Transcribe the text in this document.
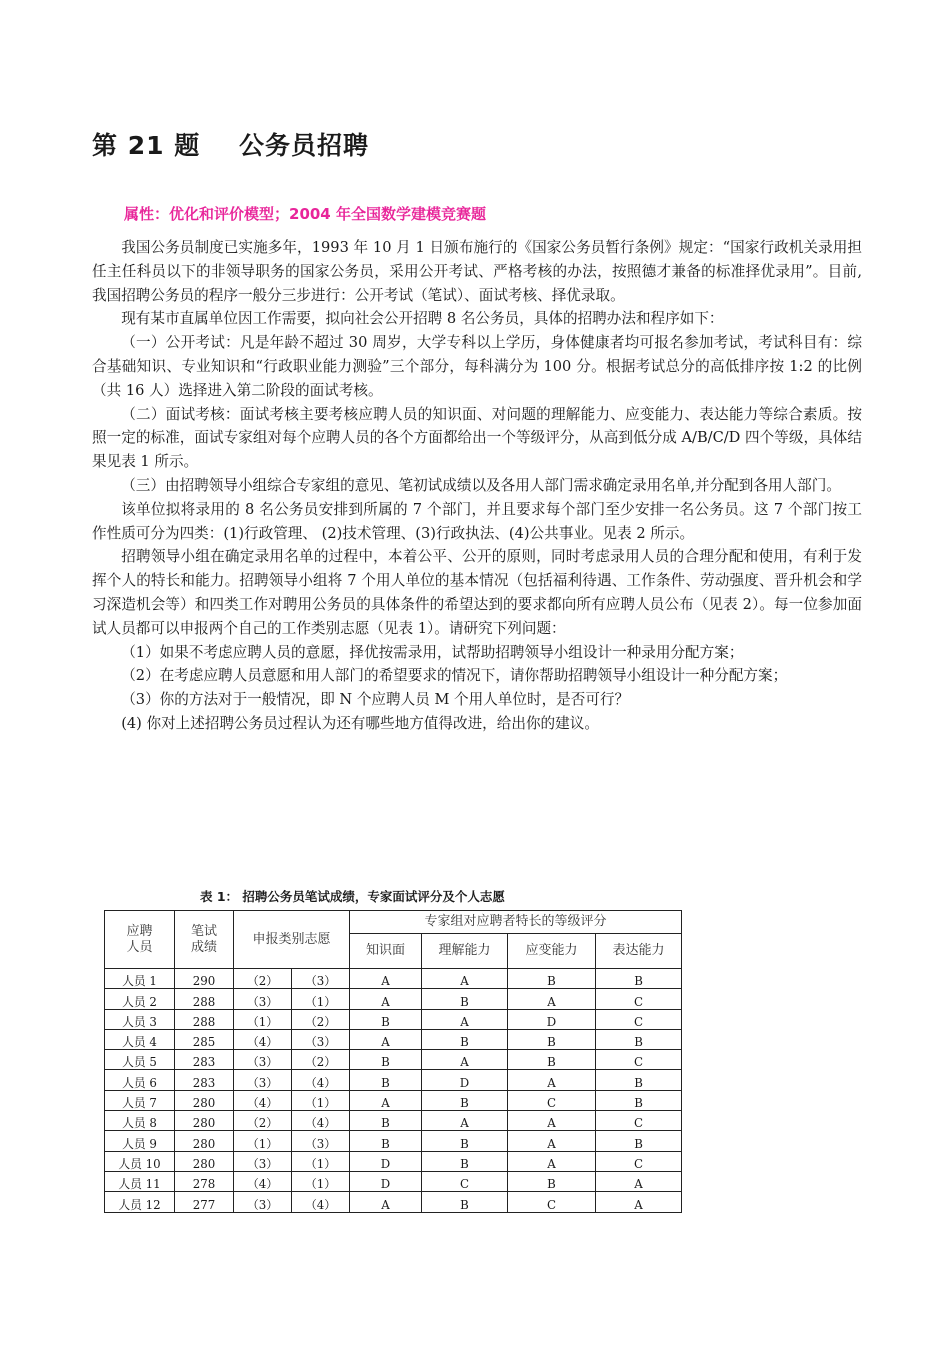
第 21 题    公务员招聘
属性：优化和评价模型；2004 年全国数学建模竞赛题

我国公务员制度已实施多年，1993 年 10 月 1 日颁布施行的《国家公务员暂行条例》规定：“国家行政机关录用担任主任科员以下的非领导职务的国家公务员，采用公开考试、严格考核的办法，按照德才兼备的标准择优录用”。目前, 我国招聘公务员的程序一般分三步进行：公开考试（笔试）、面试考核、择优录取。

现有某市直属单位因工作需要，拟向社会公开招聘 8 名公务员，具体的招聘办法和程序如下：

（一）公开考试：凡是年龄不超过 30 周岁，大学专科以上学历，身体健康者均可报名参加考试，考试科目有：综合基础知识、专业知识和“行政职业能力测验”三个部分，每科满分为 100 分。根据考试总分的高低排序按 1:2 的比例（共 16 人）选择进入第二阶段的面试考核。

（二）面试考核：面试考核主要考核应聘人员的知识面、对问题的理解能力、应变能力、表达能力等综合素质。按照一定的标准，面试专家组对每个应聘人员的各个方面都给出一个等级评分，从高到低分成 A/B/C/D 四个等级，具体结果见表 1 所示。

（三）由招聘领导小组综合专家组的意见、笔初试成绩以及各用人部门需求确定录用名单,并分配到各用人部门。

该单位拟将录用的 8 名公务员安排到所属的 7 个部门，并且要求每个部门至少安排一名公务员。这 7 个部门按工作性质可分为四类：(1)行政管理、 (2)技术管理、(3)行政执法、(4)公共事业。见表 2 所示。

招聘领导小组在确定录用名单的过程中，本着公平、公开的原则，同时考虑录用人员的合理分配和使用，有利于发挥个人的特长和能力。招聘领导小组将 7 个用人单位的基本情况（包括福利待遇、工作条件、劳动强度、晋升机会和学习深造机会等）和四类工作对聘用公务员的具体条件的希望达到的要求都向所有应聘人员公布（见表 2）。每一位参加面试人员都可以申报两个自己的工作类别志愿（见表 1）。请研究下列问题：

（1）如果不考虑应聘人员的意愿，择优按需录用，试帮助招聘领导小组设计一种录用分配方案；

（2）在考虑应聘人员意愿和用人部门的希望要求的情况下，请你帮助招聘领导小组设计一种分配方案；

（3）你的方法对于一般情况，即 N 个应聘人员 M 个用人单位时，是否可行？

(4) 你对上述招聘公务员过程认为还有哪些地方值得改进，给出你的建议。

表 1： 招聘公务员笔试成绩，专家面试评分及个人志愿
应聘人员	笔试成绩	申报类别志愿		专家组对应聘者特长的等级评分			
				知识面	理解能力	应变能力	表达能力
人员 1	290	（2）	（3）	A	A	B	B
人员 2	288	（3）	（1）	A	B	A	C
人员 3	288	（1）	（2）	B	A	D	C
人员 4	285	（4）	（3）	A	B	B	B
人员 5	283	（3）	（2）	B	A	B	C
人员 6	283	（3）	（4）	B	D	A	B
人员 7	280	（4）	（1）	A	B	C	B
人员 8	280	（2）	（4）	B	A	A	C
人员 9	280	（1）	（3）	B	B	A	B
人员 10	280	（3）	（1）	D	B	A	C
人员 11	278	（4）	（1）	D	C	B	A
人员 12	277	（3）	（4）	A	B	C	A
